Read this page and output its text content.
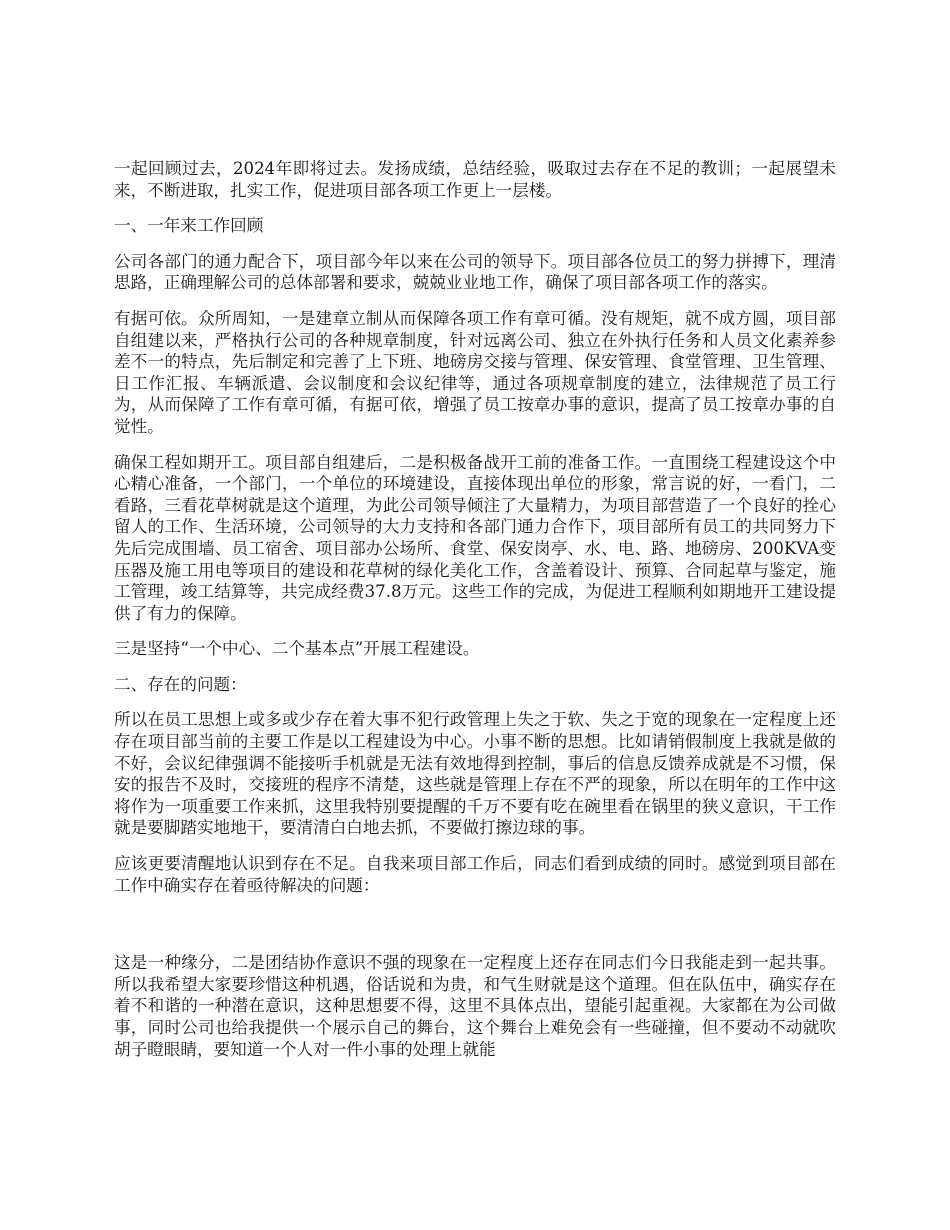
一起回顾过去，2024年即将过去。发扬成绩，总结经验，吸取过去存在不足的教训；一起展望未来，不断进取，扎实工作，促进项目部各项工作更上一层楼。

一、一年来工作回顾

公司各部门的通力配合下，项目部今年以来在公司的领导下。项目部各位员工的努力拼搏下，理清思路，正确理解公司的总体部署和要求，兢兢业业地工作，确保了项目部各项工作的落实。

有据可依。众所周知，一是建章立制从而保障各项工作有章可循。没有规矩，就不成方圆，项目部自组建以来，严格执行公司的各种规章制度，针对远离公司、独立在外执行任务和人员文化素养参差不一的特点，先后制定和完善了上下班、地磅房交接与管理、保安管理、食堂管理、卫生管理、日工作汇报、车辆派遣、会议制度和会议纪律等，通过各项规章制度的建立，法律规范了员工行为，从而保障了工作有章可循，有据可依，增强了员工按章办事的意识，提高了员工按章办事的自觉性。

确保工程如期开工。项目部自组建后，二是积极备战开工前的准备工作。一直围绕工程建设这个中心精心准备，一个部门，一个单位的环境建设，直接体现出单位的形象，常言说的好，一看门，二看路，三看花草树就是这个道理，为此公司领导倾注了大量精力，为项目部营造了一个良好的拴心留人的工作、生活环境，公司领导的大力支持和各部门通力合作下，项目部所有员工的共同努力下先后完成围墙、员工宿舍、项目部办公场所、食堂、保安岗亭、水、电、路、地磅房、200KVA变压器及施工用电等项目的建设和花草树的绿化美化工作，含盖着设计、预算、合同起草与鉴定，施工管理，竣工结算等，共完成经费37.8万元。这些工作的完成，为促进工程顺利如期地开工建设提供了有力的保障。

三是坚持“一个中心、二个基本点”开展工程建设。

二、存在的问题：

所以在员工思想上或多或少存在着大事不犯行政管理上失之于软、失之于宽的现象在一定程度上还存在项目部当前的主要工作是以工程建设为中心。小事不断的思想。比如请销假制度上我就是做的不好，会议纪律强调不能接听手机就是无法有效地得到控制，事后的信息反馈养成就是不习惯，保安的报告不及时，交接班的程序不清楚，这些就是管理上存在不严的现象，所以在明年的工作中这将作为一项重要工作来抓，这里我特别要提醒的千万不要有吃在碗里看在锅里的狭义意识，干工作就是要脚踏实地地干，要清清白白地去抓，不要做打擦边球的事。

应该更要清醒地认识到存在不足。自我来项目部工作后，同志们看到成绩的同时。感觉到项目部在工作中确实存在着亟待解决的问题：

这是一种缘分，二是团结协作意识不强的现象在一定程度上还存在同志们今日我能走到一起共事。所以我希望大家要珍惜这种机遇，俗话说和为贵，和气生财就是这个道理。但在队伍中，确实存在着不和谐的一种潜在意识，这种思想要不得，这里不具体点出，望能引起重视。大家都在为公司做事，同时公司也给我提供一个展示自己的舞台，这个舞台上难免会有一些碰撞，但不要动不动就吹胡子瞪眼睛，要知道一个人对一件小事的处理上就能
